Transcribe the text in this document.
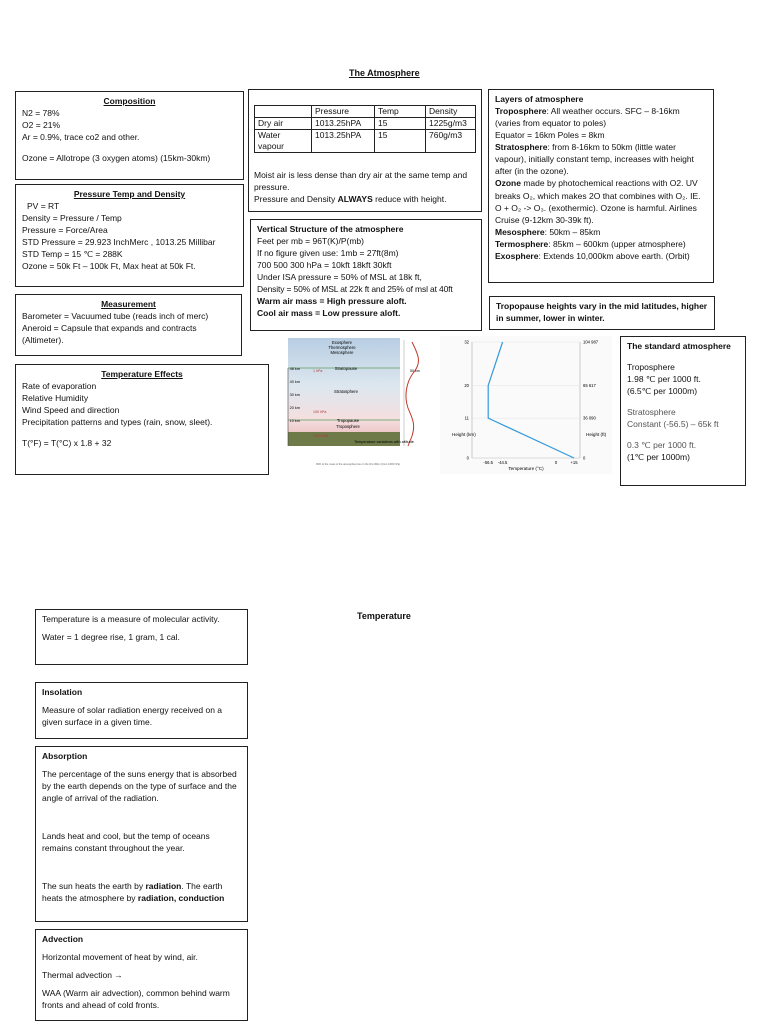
The Atmosphere
Composition
N2 = 78%
O2 = 21%
Ar = 0.9%, trace co2 and other.
Ozone = Allotrope (3 oxygen atoms) (15km-30km)
Pressure Temp and Density
PV = RT
Density = Pressure / Temp
Pressure = Force/Area
STD Pressure = 29.923 InchMerc , 1013.25 Millibar
STD Temp = 15 ℃ = 288K
Ozone = 50k Ft – 100k Ft, Max heat at 50k Ft.
Measurement
Barometer = Vacuumed tube (reads inch of merc)
Aneroid = Capsule that expands and contracts
(Altimeter).
Temperature Effects
Rate of evaporation
Relative Humidity
Wind Speed and direction
Precipitation patterns and types (rain, snow, sleet).
T(°F) = T(°C) x 1.8 + 32
	Pressure	Temp	Density
Dry air	1013.25hPA	15	1225g/m3
Water vapour	1013.25hPA	15	760g/m3
Moist air is less dense than dry air at the same temp and pressure.
Pressure and Density ALWAYS reduce with height.
Vertical Structure of the atmosphere
Feet per mb = 96T(K)/P(mb)
If no figure given use: 1mb = 27ft(8m)
700 500 300 hPa = 10kft 18kft 30kft
Under ISA pressure = 50% of MSL at 18k ft,
Density = 50% of MSL at 22k ft and 25% of msl at 40ft
Warm air mass = High pressure aloft.
Cool air mass = Low pressure aloft.
Layers of atmosphere
Troposphere: All weather occurs. SFC – 8-16km (varies from equator to poles)
Equator = 16km Poles = 8km
Stratosphere: from 8-16km to 50km (little water vapour), initially constant temp, increases with height after (in the ozone).
Ozone made by photochemical reactions with O2. UV breaks O₂, which makes 2O that combines with O₂. IE. O + O₂ -> O₃. (exothermic). Ozone is harmful. Airlines Cruise (9-12km 30-39k ft).
Mesosphere: 50km – 85km
Termosphere: 85km – 600km (upper atmosphere)
Exosphere: Extends 10,000km above earth. (Orbit)
Tropopause heights vary in the mid latitudes, higher in summer, lower in winter.
Exosphere
Thermosphere
Mesosphere
Stratopause
Stratosphere
Tropopause
Troposphere
48 km
40 km
30 km
20 km
10 km
1 hPa
100 hPa
1000 hPa
50 km
Temperature variations with altitude
99% of the mass of the atmosphere lies in the first 30km (from 1000 hPa)
32	104 987
20	65 617
11	36 090
0	0
-56.5 -44.5	0	+15
Height (km)	Height (ft)
Temperature (°C)
The standard atmosphere
Troposphere
1.98 ℃ per 1000 ft.
(6.5℃ per 1000m)
Stratosphere
Constant (-56.5) – 65k ft
0.3 ℃ per 1000 ft.
(1℃ per 1000m)
Temperature
Temperature is a measure of molecular activity.
Water = 1 degree rise, 1 gram, 1 cal.
Insolation
Measure of solar radiation energy received on a given surface in a given time.
Absorption
The percentage of the suns energy that is absorbed by the earth depends on the type of surface and the angle of arrival of the radiation.
Lands heat and cool, but the temp of oceans remains constant throughout the year.
The sun heats the earth by radiation. The earth heats the atmosphere by radiation, conduction
Advection
Horizontal movement of heat by wind, air.
Thermal advection →
WAA (Warm air advection), common behind warm fronts and ahead of cold fronts.
